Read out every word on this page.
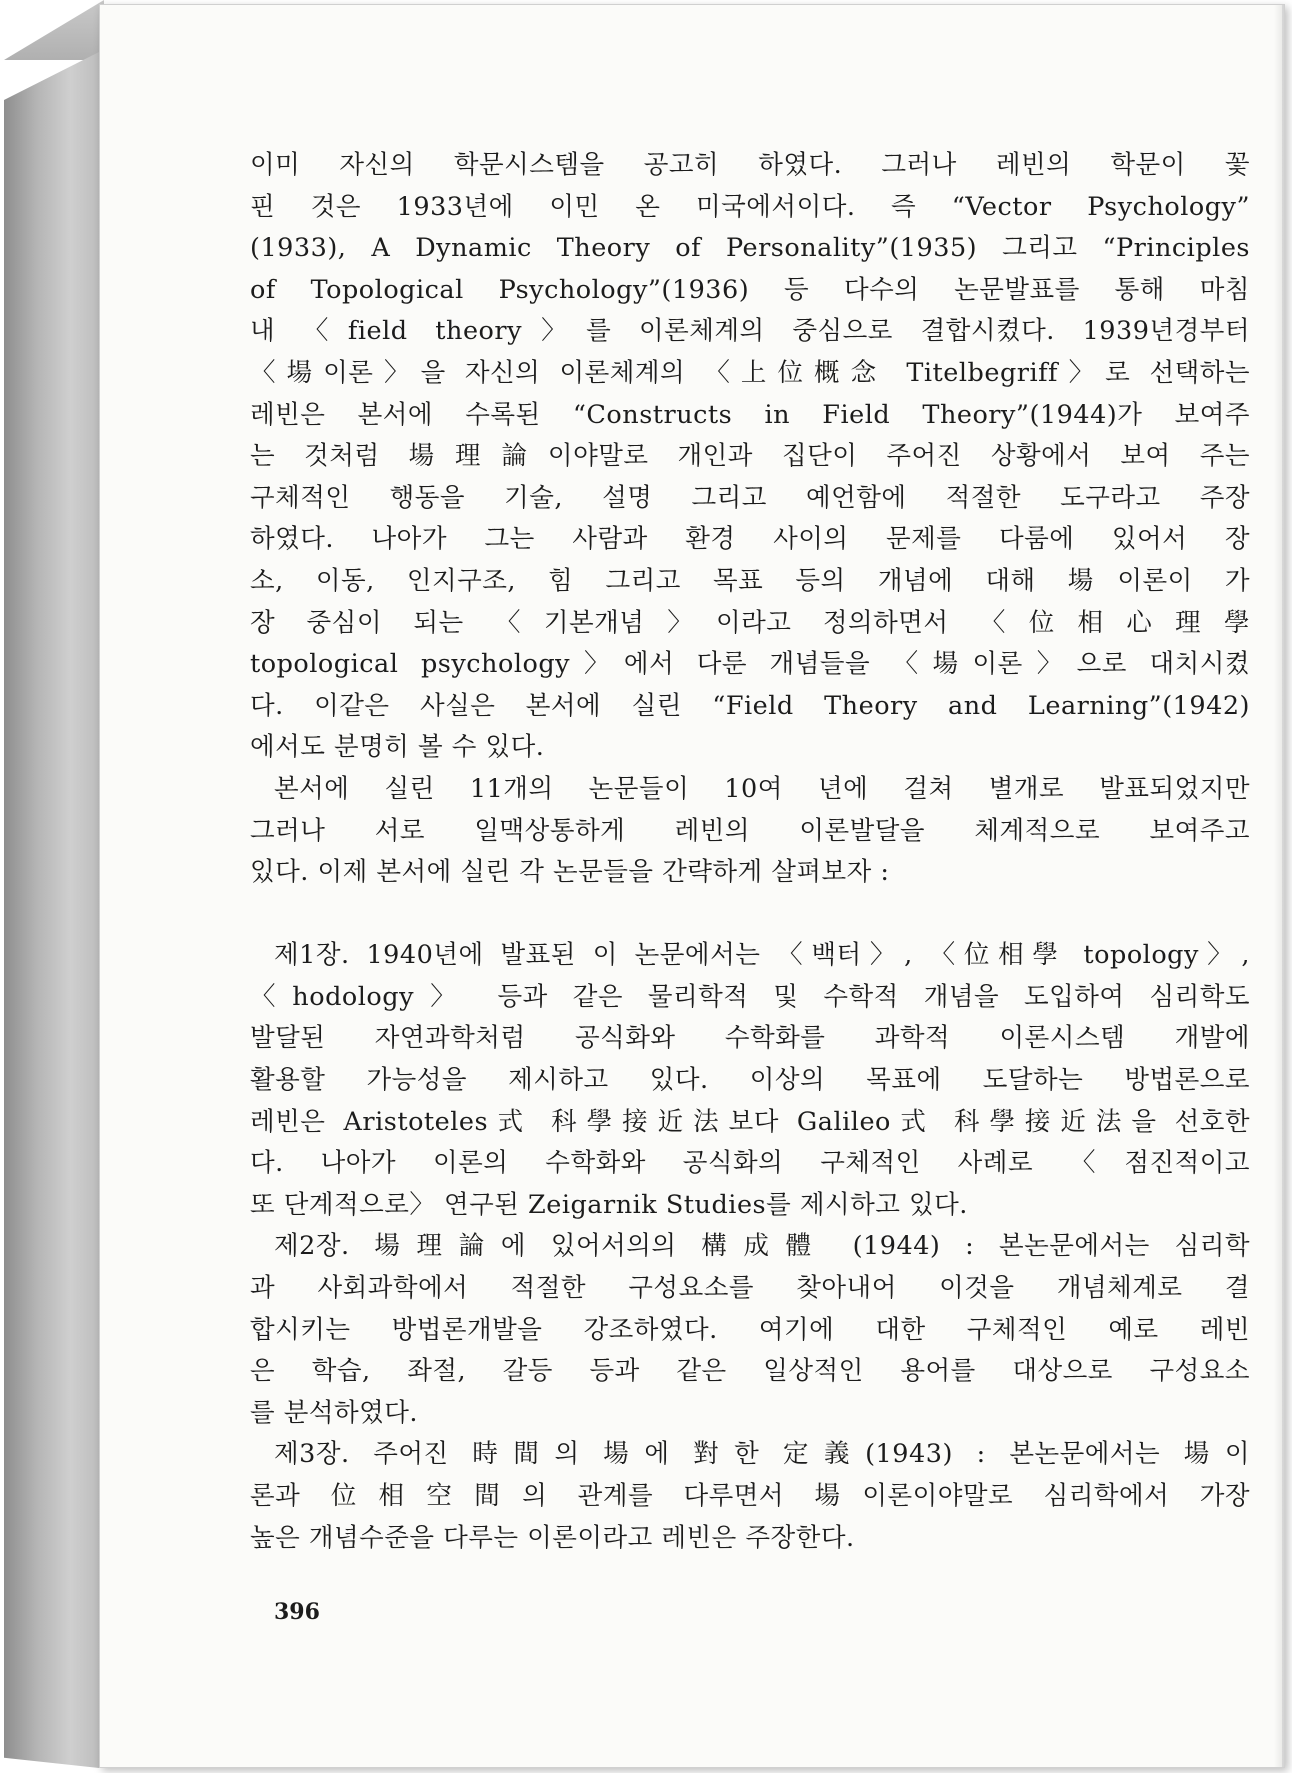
이미 자신의 학문시스템을 공고히 하였다. 그러나 레빈의 학문이 꽃
핀 것은 1933년에 이민 온 미국에서이다. 즉 “Vector Psychology”
(1933), A Dynamic Theory of Personality”(1935) 그리고 “Principles
of Topological Psychology”(1936) 등 다수의 논문발표를 통해 마침
내 〈field theory〉를 이론체계의 중심으로 결합시켰다. 1939년경부터
〈場이론〉을 자신의 이론체계의 〈上位概念 Titelbegriff〉로 선택하는
레빈은 본서에 수록된 “Constructs in Field Theory”(1944)가 보여주
는 것처럼 場理論이야말로 개인과 집단이 주어진 상황에서 보여 주는
구체적인 행동을 기술, 설명 그리고 예언함에 적절한 도구라고 주장
하였다. 나아가 그는 사람과 환경 사이의 문제를 다룸에 있어서 장
소, 이동, 인지구조, 힘 그리고 목표 등의 개념에 대해 場이론이 가
장 중심이 되는 〈기본개념〉이라고 정의하면서 〈位相心理學
topological psychology〉에서 다룬 개념들을 〈場이론〉으로 대치시켰
다. 이같은 사실은 본서에 실린 “Field Theory and Learning”(1942)
에서도 분명히 볼 수 있다.
본서에 실린 11개의 논문들이 10여 년에 걸쳐 별개로 발표되었지만
그러나 서로 일맥상통하게 레빈의 이론발달을 체계적으로 보여주고
있다. 이제 본서에 실린 각 논문들을 간략하게 살펴보자 :
제1장. 1940년에 발표된 이 논문에서는 〈백터〉, 〈位相學 topology〉,
〈hodology〉 등과 같은 물리학적 및 수학적 개념을 도입하여 심리학도
발달된 자연과학처럼 공식화와 수학화를 과학적 이론시스템 개발에
활용할 가능성을 제시하고 있다. 이상의 목표에 도달하는 방법론으로
레빈은 Aristoteles式 科學接近法보다 Galileo式 科學接近法을 선호한
다. 나아가 이론의 수학화와 공식화의 구체적인 사례로 〈점진적이고
또 단계적으로〉 연구된 Zeigarnik Studies를 제시하고 있다.
제2장. 場理論에 있어서의의 構成體 (1944) : 본논문에서는 심리학
과 사회과학에서 적절한 구성요소를 찾아내어 이것을 개념체계로 결
합시키는 방법론개발을 강조하였다. 여기에 대한 구체적인 예로 레빈
은 학습, 좌절, 갈등 등과 같은 일상적인 용어를 대상으로 구성요소
를 분석하였다.
제3장. 주어진 時間의 場에 對한 定義(1943) : 본논문에서는 場이
론과 位相空間의 관계를 다루면서 場이론이야말로 심리학에서 가장
높은 개념수준을 다루는 이론이라고 레빈은 주장한다.
396
